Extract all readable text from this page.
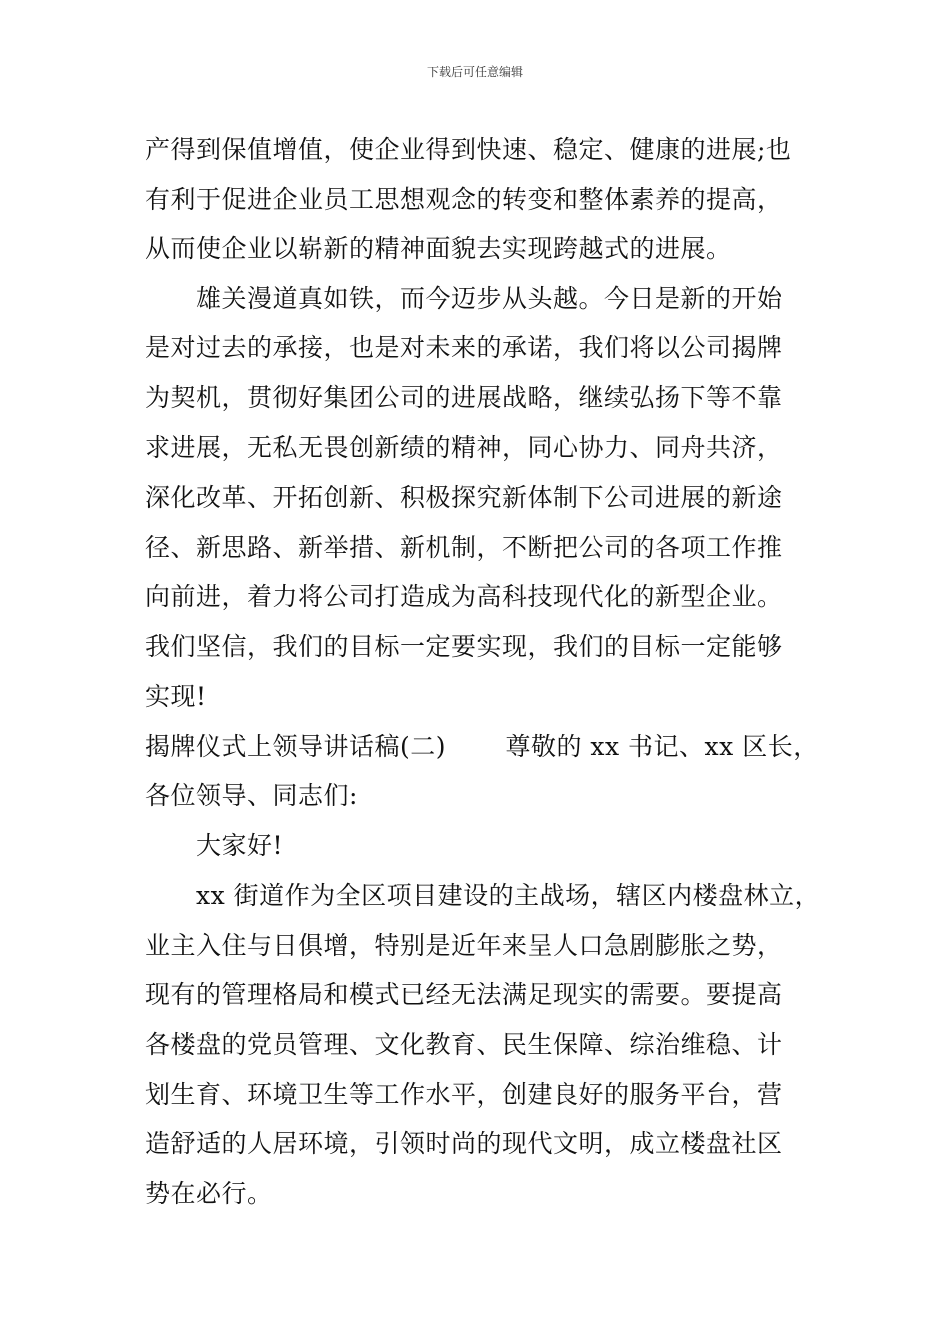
下载后可任意编辑
产得到保值增值，使企业得到快速、稳定、健康的进展;也
有利于促进企业员工思想观念的转变和整体素养的提高，
从而使企业以崭新的精神面貌去实现跨越式的进展。
　　雄关漫道真如铁，而今迈步从头越。今日是新的开始
是对过去的承接，也是对未来的承诺，我们将以公司揭牌
为契机，贯彻好集团公司的进展战略，继续弘扬下等不靠
求进展，无私无畏创新绩的精神，同心协力、同舟共济，
深化改革、开拓创新、积极探究新体制下公司进展的新途
径、新思路、新举措、新机制，不断把公司的各项工作推
向前进，着力将公司打造成为高科技现代化的新型企业。
我们坚信，我们的目标一定要实现，我们的目标一定能够
实现!
揭牌仪式上领导讲话稿(二)　　 尊敬的 xx 书记、xx 区长，
各位领导、同志们:
　　大家好!
　　xx 街道作为全区项目建设的主战场，辖区内楼盘林立，
业主入住与日俱增，特别是近年来呈人口急剧膨胀之势，
现有的管理格局和模式已经无法满足现实的需要。要提高
各楼盘的党员管理、文化教育、民生保障、综治维稳、计
划生育、环境卫生等工作水平，创建良好的服务平台，营
造舒适的人居环境，引领时尚的现代文明，成立楼盘社区
势在必行。
